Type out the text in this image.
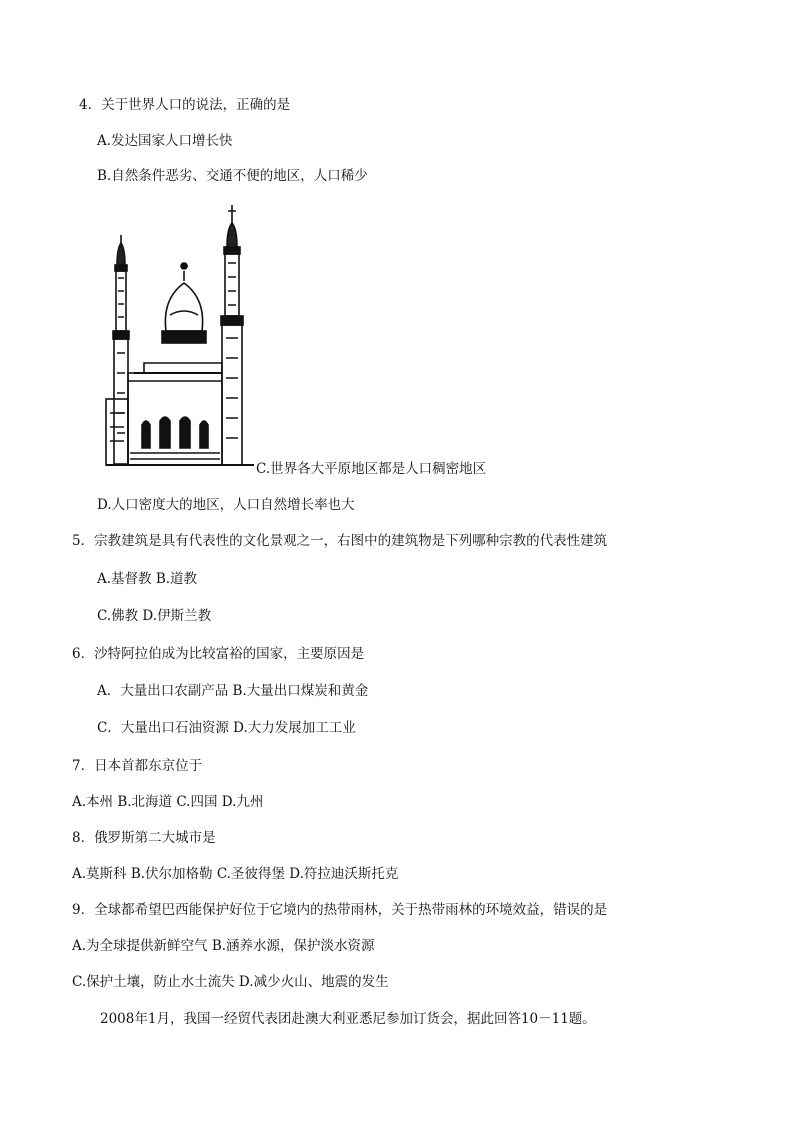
4．关于世界人口的说法，正确的是
A.发达国家人口增长快
B.自然条件恶劣、交通不便的地区，人口稀少
C.世界各大平原地区都是人口稠密地区
D.人口密度大的地区，人口自然增长率也大
5．宗教建筑是具有代表性的文化景观之一，右图中的建筑物是下列哪种宗教的代表性建筑
A.基督教 B.道教
C.佛教 D.伊斯兰教
6．沙特阿拉伯成为比较富裕的国家，主要原因是
A．大量出口农副产品 B.大量出口煤炭和黄金
C．大量出口石油资源 D.大力发展加工工业
7．日本首都东京位于
A.本州 B.北海道 C.四国 D.九州
8．俄罗斯第二大城市是
A.莫斯科 B.伏尔加格勒 C.圣彼得堡 D.符拉迪沃斯托克
9．全球都希望巴西能保护好位于它境内的热带雨林，关于热带雨林的环境效益，错误的是
A.为全球提供新鲜空气 B.涵养水源，保护淡水资源
C.保护土壤，防止水土流失 D.减少火山、地震的发生
2008年1月，我国一经贸代表团赴澳大利亚悉尼参加订货会，据此回答10－11题。
